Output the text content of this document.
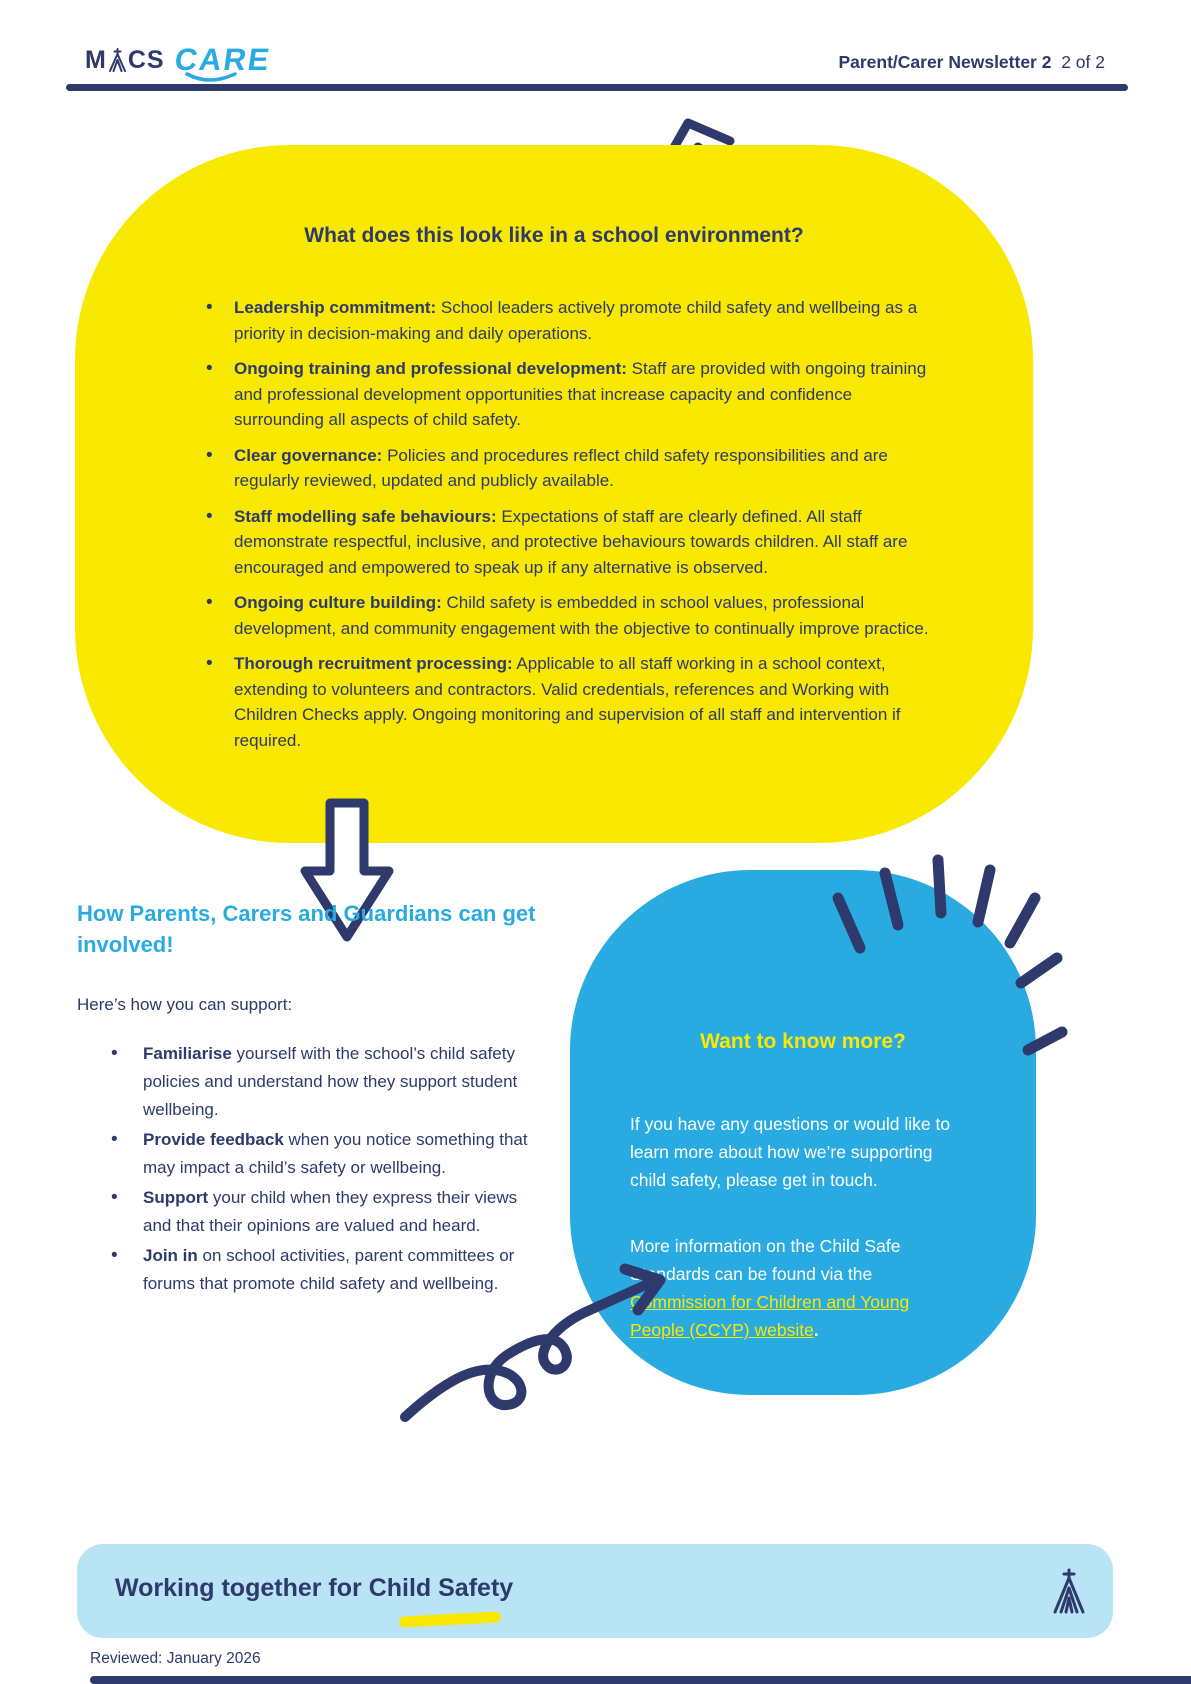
M CS CARE	Parent/Carer Newsletter 2 2 of 2
What does this look like in a school environment?
• Leadership commitment: School leaders actively promote child safety and wellbeing as a priority in decision-making and daily operations.
• Ongoing training and professional development: Staff are provided with ongoing training and professional development opportunities that increase capacity and confidence surrounding all aspects of child safety.
• Clear governance: Policies and procedures reflect child safety responsibilities and are regularly reviewed, updated and publicly available.
• Staff modelling safe behaviours: Expectations of staff are clearly defined. All staff demonstrate respectful, inclusive, and protective behaviours towards children. All staff are encouraged and empowered to speak up if any alternative is observed.
• Ongoing culture building: Child safety is embedded in school values, professional development, and community engagement with the objective to continually improve practice.
• Thorough recruitment processing: Applicable to all staff working in a school context, extending to volunteers and contractors. Valid credentials, references and Working with Children Checks apply. Ongoing monitoring and supervision of all staff and intervention if required.
How Parents, Carers and Guardians can get involved!
Here’s how you can support:
• Familiarise yourself with the school’s child safety policies and understand how they support student wellbeing.
• Provide feedback when you notice something that may impact a child’s safety or wellbeing.
• Support your child when they express their views and that their opinions are valued and heard.
• Join in on school activities, parent committees or forums that promote child safety and wellbeing.
Want to know more?
If you have any questions or would like to learn more about how we’re supporting child safety, please get in touch.
More information on the Child Safe Standards can be found via the Commission for Children and Young People (CCYP) website.
Working together for Child Safety
Reviewed: January 2026
